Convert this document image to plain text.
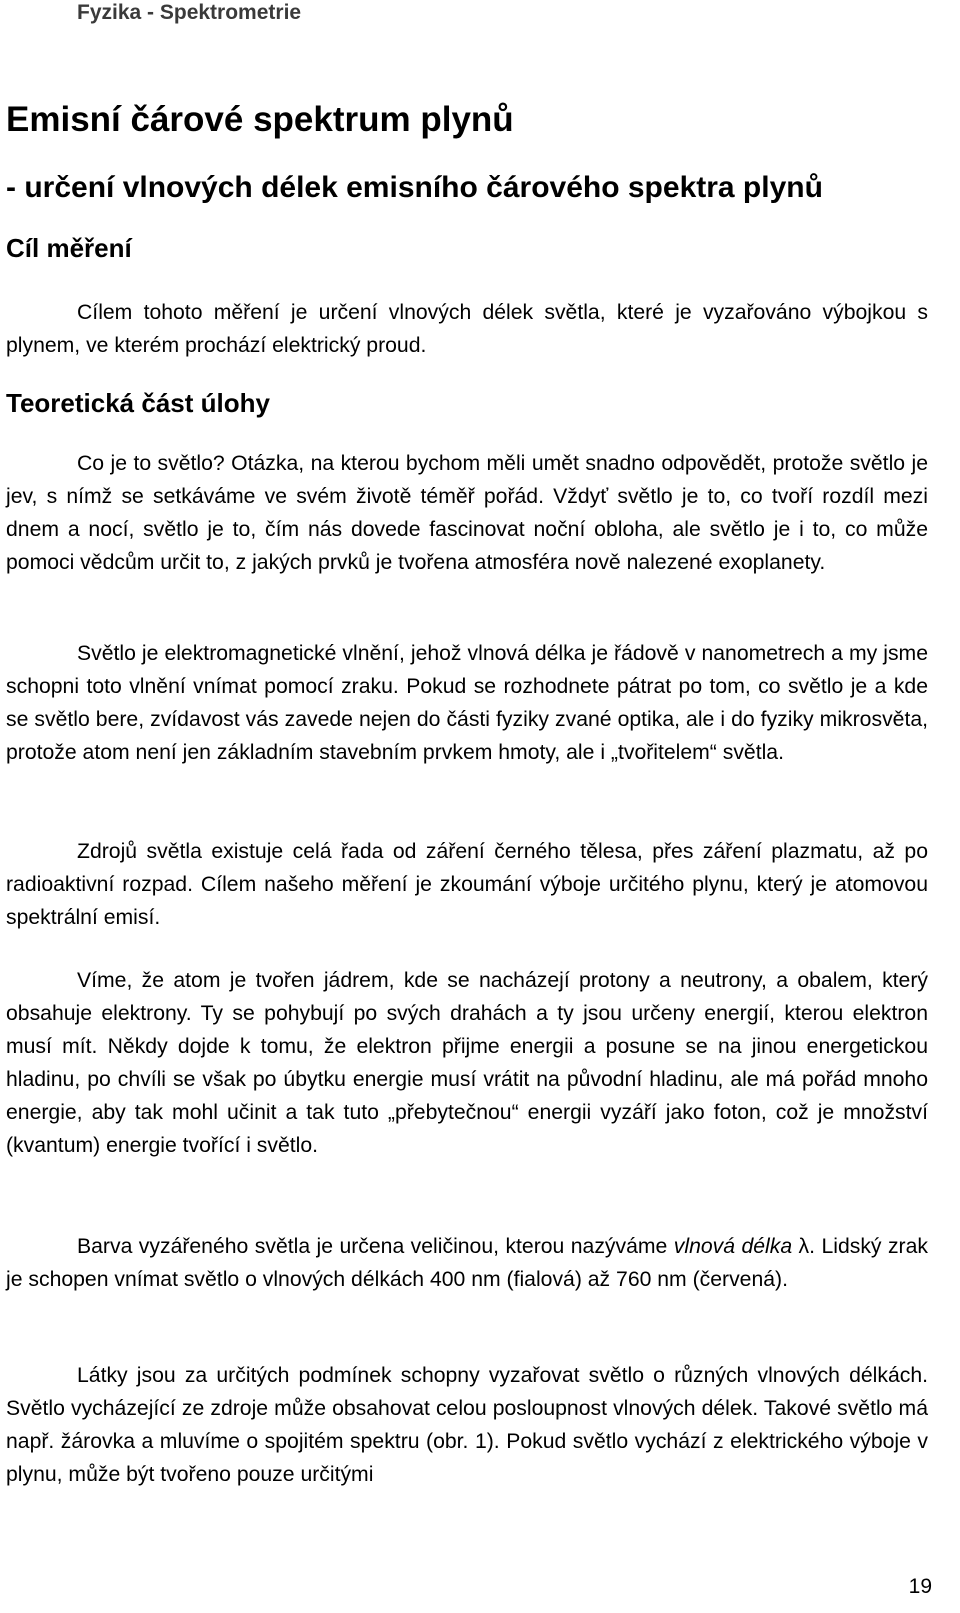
Fyzika - Spektrometrie
Emisní čárové spektrum plynů
- určení vlnových délek emisního čárového spektra plynů
Cíl měření

Cílem tohoto měření je určení vlnových délek světla, které je vyzařováno výbojkou s plynem, ve kterém prochází elektrický proud.

Teoretická část úlohy

Co je to světlo? Otázka, na kterou bychom měli umět snadno odpovědět, protože světlo je jev, s nímž se setkáváme ve svém životě téměř pořád. Vždyť světlo je to, co tvoří rozdíl mezi dnem a nocí, světlo je to, čím nás dovede fascinovat noční obloha, ale světlo je i to, co může pomoci vědcům určit to, z jakých prvků je tvořena atmosféra nově nalezené exoplanety.

Světlo je elektromagnetické vlnění, jehož vlnová délka je řádově v nanometrech a my jsme schopni toto vlnění vnímat pomocí zraku. Pokud se rozhodnete pátrat po tom, co světlo je a kde se světlo bere, zvídavost vás zavede nejen do části fyziky zvané optika, ale i do fyziky mikrosvěta, protože atom není jen základním stavebním prvkem hmoty, ale i „tvořitelem“ světla.

Zdrojů světla existuje celá řada od záření černého tělesa, přes záření plazmatu, až po radioaktivní rozpad. Cílem našeho měření je zkoumání výboje určitého plynu, který je atomovou spektrální emisí.

Víme, že atom je tvořen jádrem, kde se nacházejí protony a neutrony, a obalem, který obsahuje elektrony. Ty se pohybují po svých drahách a ty jsou určeny energií, kterou elektron musí mít. Někdy dojde k tomu, že elektron přijme energii a posune se na jinou energetickou hladinu, po chvíli se však po úbytku energie musí vrátit na původní hladinu, ale má pořád mnoho energie, aby tak mohl učinit a tak tuto „přebytečnou“ energii vyzáří jako foton, což je množství (kvantum) energie tvořící i světlo.

Barva vyzářeného světla je určena veličinou, kterou nazýváme vlnová délka λ. Lidský zrak je schopen vnímat světlo o vlnových délkách 400 nm (fialová) až 760 nm (červená).

Látky jsou za určitých podmínek schopny vyzařovat světlo o různých vlnových délkách. Světlo vycházející ze zdroje může obsahovat celou posloupnost vlnových délek. Takové světlo má např. žárovka a mluvíme o spojitém spektru (obr. 1). Pokud světlo vychází z elektrického výboje v plynu, může být tvořeno pouze určitými

19
